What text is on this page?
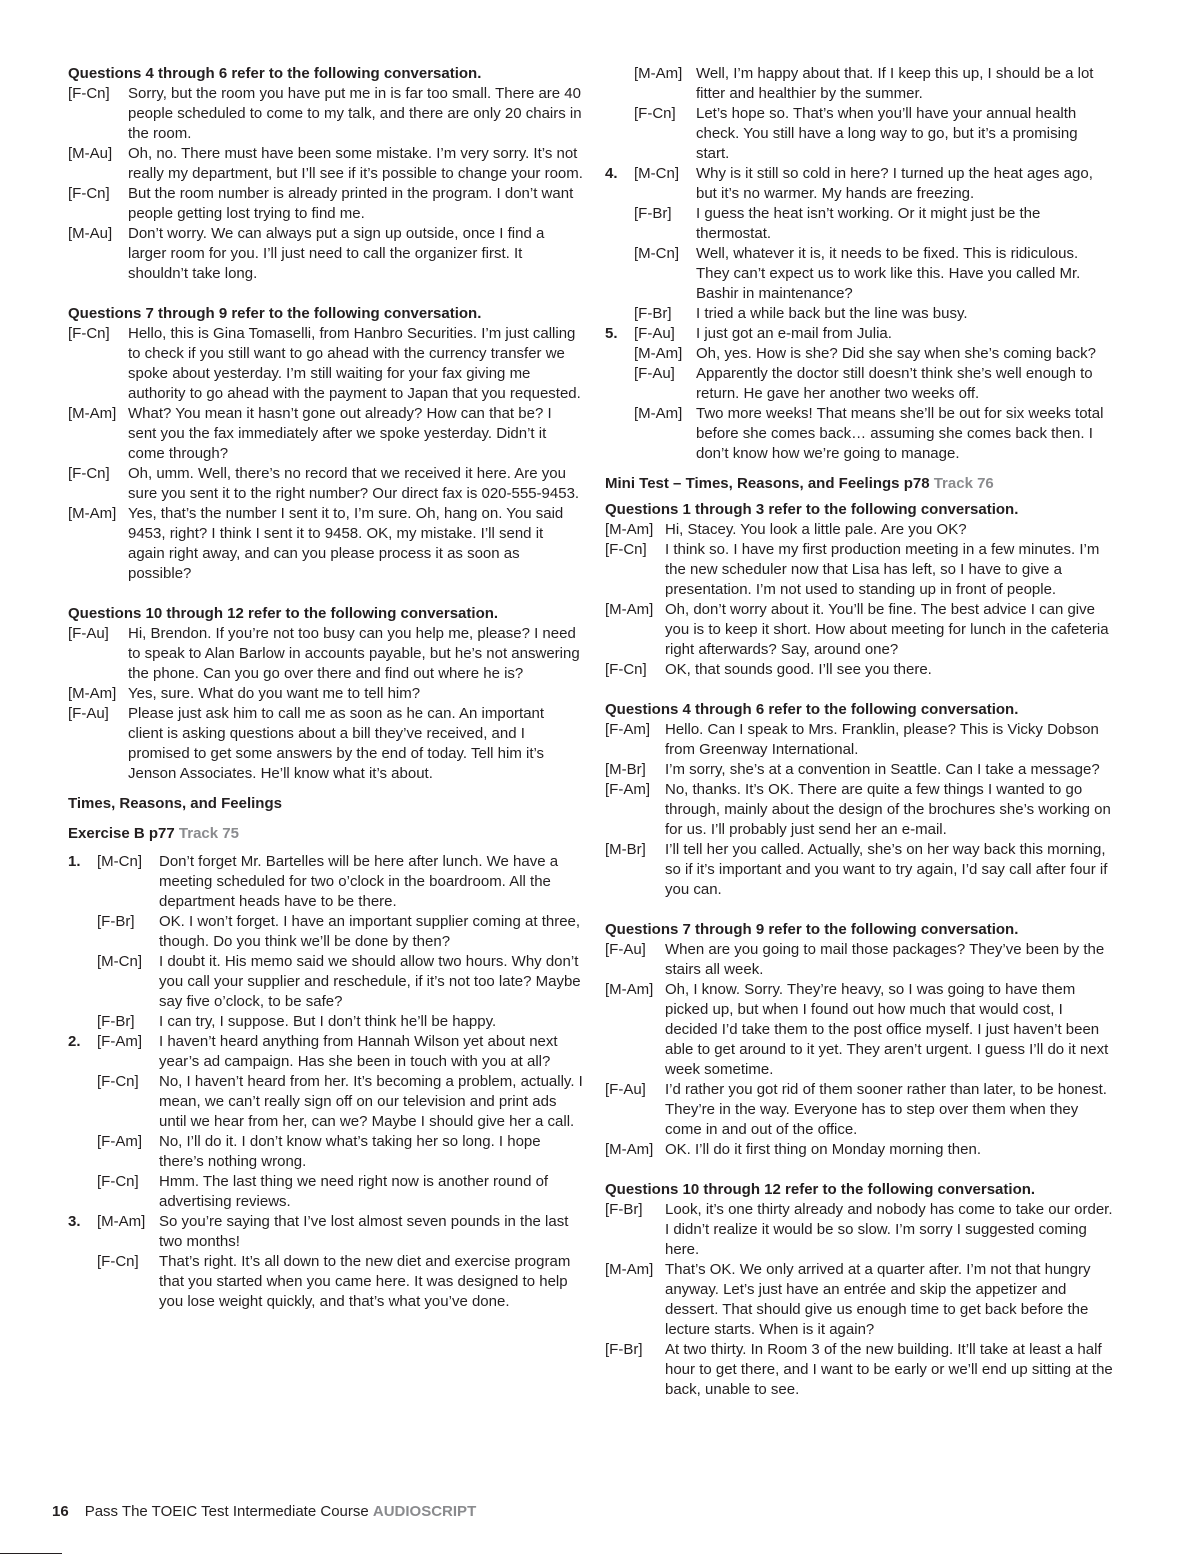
Questions 4 through 6 refer to the following conversation.

[F-Cn]	Sorry, but the room you have put me in is far too small. There are 40 people scheduled to come to my talk, and there are only 20 chairs in the room.
[M-Au]	Oh, no. There must have been some mistake. I’m very sorry. It’s not really my department, but I’ll see if it’s possible to change your room.
[F-Cn]	But the room number is already printed in the program. I don’t want people getting lost trying to find me.
[M-Au]	Don’t worry. We can always put a sign up outside, once I find a larger room for you. I’ll just need to call the organizer first. It shouldn’t take long.

Questions 7 through 9 refer to the following conversation.

[F-Cn]	Hello, this is Gina Tomaselli, from Hanbro Securities. I’m just calling to check if you still want to go ahead with the currency transfer we spoke about yesterday. I’m still waiting for your fax giving me authority to go ahead with the payment to Japan that you requested.
[M-Am] What? You mean it hasn’t gone out already? How can that be? I sent you the fax immediately after we spoke yesterday. Didn’t it come through?
[F-Cn]	Oh, umm. Well, there’s no record that we received it here. Are you sure you sent it to the right number? Our direct fax is 020-555-9453.
[M-Am] Yes, that’s the number I sent it to, I’m sure. Oh, hang on. You said 9453, right? I think I sent it to 9458. OK, my mistake. I’ll send it again right away, and can you please process it as soon as possible?

Questions 10 through 12 refer to the following conversation.

[F-Au]	Hi, Brendon. If you’re not too busy can you help me, please? I need to speak to Alan Barlow in accounts payable, but he’s not answering the phone. Can you go over there and find out where he is?
[M-Am] Yes, sure. What do you want me to tell him?
[F-Au]	Please just ask him to call me as soon as he can. An important client is asking questions about a bill they’ve received, and I promised to get some answers by the end of today. Tell him it’s Jenson Associates. He’ll know what it’s about.

Times, Reasons, and Feelings

Exercise B p77 Track 75

1.	[M-Cn]	Don’t forget Mr. Bartelles will be here after lunch. We have a meeting scheduled for two o’clock in the boardroom. All the department heads have to be there.
[F-Br]	OK. I won’t forget. I have an important supplier coming at three, though. Do you think we’ll be done by then?
[M-Cn]	I doubt it. His memo said we should allow two hours. Why don’t you call your supplier and reschedule, if it’s not too late? Maybe say five o’clock, to be safe?
[F-Br]	I can try, I suppose. But I don’t think he’ll be happy.
2.	[F-Am]	I haven’t heard anything from Hannah Wilson yet about next year’s ad campaign. Has she been in touch with you at all?
[F-Cn]	No, I haven’t heard from her. It’s becoming a problem, actually. I mean, we can’t really sign off on our television and print ads until we hear from her, can we? Maybe I should give her a call.
[F-Am]	No, I’ll do it. I don’t know what’s taking her so long. I hope there’s nothing wrong.
[F-Cn]	Hmm. The last thing we need right now is another round of advertising reviews.
3.	[M-Am] So you’re saying that I’ve lost almost seven pounds in the last two months!
[F-Cn]	That’s right. It’s all down to the new diet and exercise program that you started when you came here. It was designed to help you lose weight quickly, and that’s what you’ve done.
[M-Am] Well, I’m happy about that. If I keep this up, I should be a lot fitter and healthier by the summer.
[F-Cn]	Let’s hope so. That’s when you’ll have your annual health check. You still have a long way to go, but it’s a promising start.
4.	[M-Cn]	Why is it still so cold in here? I turned up the heat ages ago, but it’s no warmer. My hands are freezing.
[F-Br]	I guess the heat isn’t working. Or it might just be the thermostat.
[M-Cn]	Well, whatever it is, it needs to be fixed. This is ridiculous. They can’t expect us to work like this. Have you called Mr. Bashir in maintenance?
[F-Br]	I tried a while back but the line was busy.
5.	[F-Au]	I just got an e-mail from Julia.
[M-Am] Oh, yes. How is she? Did she say when she’s coming back?
[F-Au]	Apparently the doctor still doesn’t think she’s well enough to return. He gave her another two weeks off.
[M-Am] Two more weeks! That means she’ll be out for six weeks total before she comes back… assuming she comes back then. I don’t know how we’re going to manage.

Mini Test – Times, Reasons, and Feelings p78 Track 76

Questions 1 through 3 refer to the following conversation.

[M-Am] Hi, Stacey. You look a little pale. Are you OK?
[F-Cn]	I think so. I have my first production meeting in a few minutes. I’m the new scheduler now that Lisa has left, so I have to give a presentation. I’m not used to standing up in front of people.
[M-Am] Oh, don’t worry about it. You’ll be fine. The best advice I can give you is to keep it short. How about meeting for lunch in the cafeteria right afterwards? Say, around one?
[F-Cn]	OK, that sounds good. I’ll see you there.

Questions 4 through 6 refer to the following conversation.

[F-Am]	Hello. Can I speak to Mrs. Franklin, please? This is Vicky Dobson from Greenway International.
[M-Br]	I’m sorry, she’s at a convention in Seattle. Can I take a message?
[F-Am]	No, thanks. It’s OK. There are quite a few things I wanted to go through, mainly about the design of the brochures she’s working on for us. I’ll probably just send her an e-mail.
[M-Br]	I’ll tell her you called. Actually, she’s on her way back this morning, so if it’s important and you want to try again, I’d say call after four if you can.

Questions 7 through 9 refer to the following conversation.

[F-Au]	When are you going to mail those packages? They’ve been by the stairs all week.
[M-Am] Oh, I know. Sorry. They’re heavy, so I was going to have them picked up, but when I found out how much that would cost, I decided I’d take them to the post office myself. I just haven’t been able to get around to it yet. They aren’t urgent. I guess I’ll do it next week sometime.
[F-Au]	I’d rather you got rid of them sooner rather than later, to be honest. They’re in the way. Everyone has to step over them when they come in and out of the office.
[M-Am] OK. I’ll do it first thing on Monday morning then.

Questions 10 through 12 refer to the following conversation.

[F-Br]	Look, it’s one thirty already and nobody has come to take our order. I didn’t realize it would be so slow. I’m sorry I suggested coming here.
[M-Am] That’s OK. We only arrived at a quarter after. I’m not that hungry anyway. Let’s just have an entrée and skip the appetizer and dessert. That should give us enough time to get back before the lecture starts. When is it again?
[F-Br]	At two thirty. In Room 3 of the new building. It’ll take at least a half hour to get there, and I want to be early or we’ll end up sitting at the back, unable to see.
16 Pass The TOEIC Test Intermediate Course AUDIOSCRIPT
